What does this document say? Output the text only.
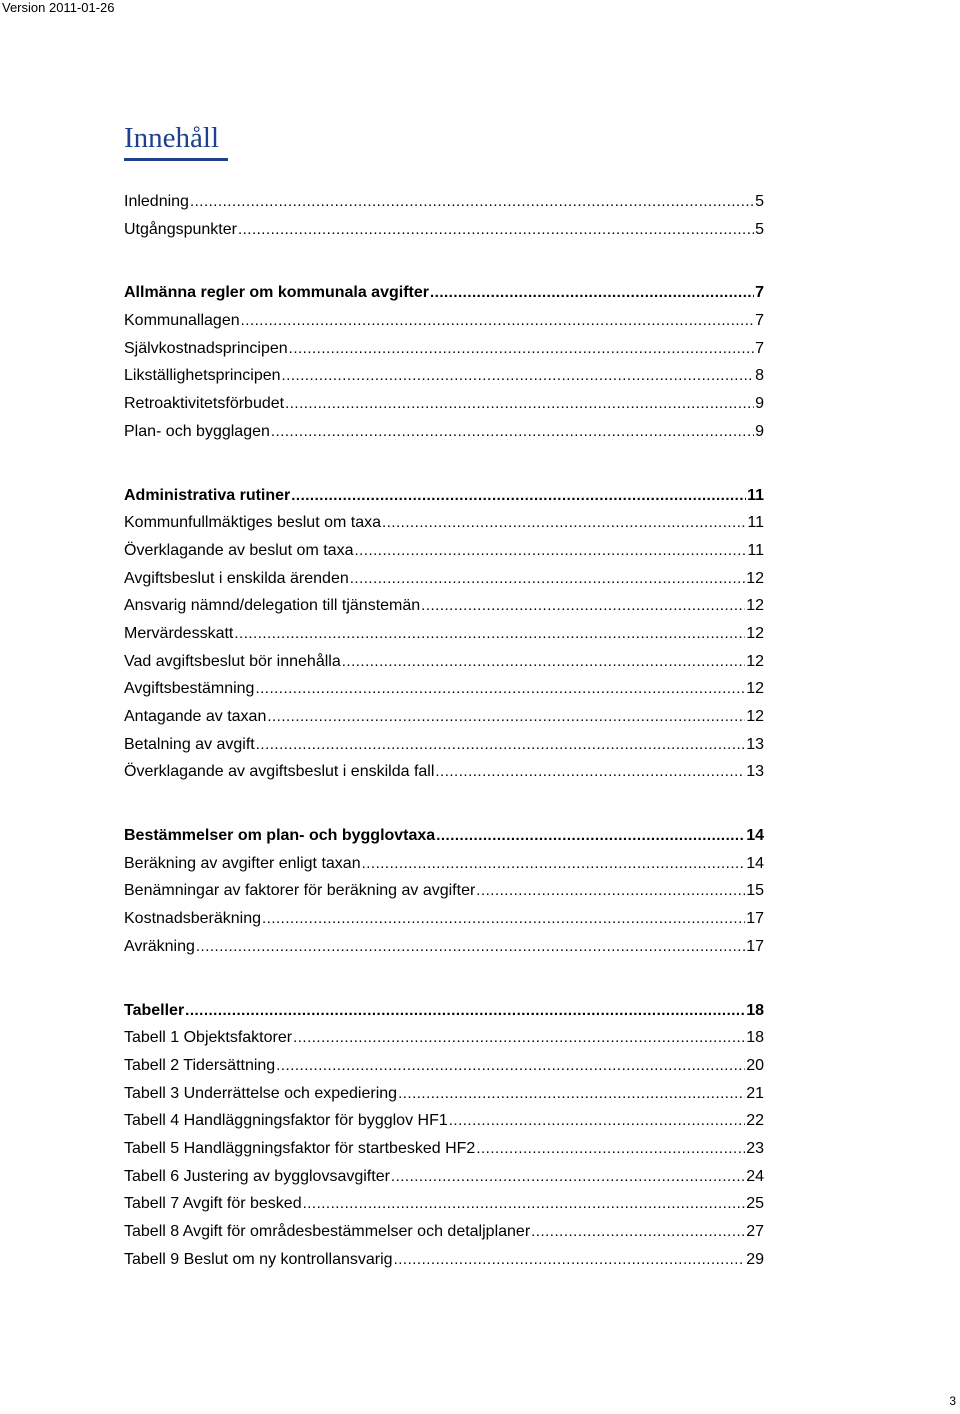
Version 2011-01-26
Innehåll
Inledning .....	5
Utgångspunkter .....	5
Allmänna regler om kommunala avgifter .....	7
Kommunallagen .....	7
Självkostnadsprincipen .....	7
Likställighetsprincipen .....	8
Retroaktivitetsförbudet .....	9
Plan- och bygglagen .....	9
Administrativa rutiner .....	11
Kommunfullmäktiges beslut om taxa .....	11
Överklagande av beslut om taxa .....	11
Avgiftsbeslut i enskilda ärenden .....	12
Ansvarig nämnd/delegation till tjänstemän .....	12
Mervärdesskatt .....	12
Vad avgiftsbeslut bör innehålla .....	12
Avgiftsbestämning .....	12
Antagande av taxan .....	12
Betalning av avgift .....	13
Överklagande av avgiftsbeslut i enskilda fall .....	13
Bestämmelser om plan- och bygglovtaxa .....	14
Beräkning av avgifter enligt taxan .....	14
Benämningar av faktorer för beräkning av avgifter .....	15
Kostnadsberäkning .....	17
Avräkning .....	17
Tabeller .....	18
Tabell 1 Objektsfaktorer .....	18
Tabell 2 Tidersättning .....	20
Tabell 3 Underrättelse och expediering .....	21
Tabell 4 Handläggningsfaktor för bygglov HF1 .....	22
Tabell 5 Handläggningsfaktor för startbesked HF2 .....	23
Tabell 6 Justering av bygglovsavgifter .....	24
Tabell 7 Avgift för besked .....	25
Tabell 8 Avgift för områdesbestämmelser och detaljplaner .....	27
Tabell 9 Beslut om ny kontrollansvarig .....	29
3
